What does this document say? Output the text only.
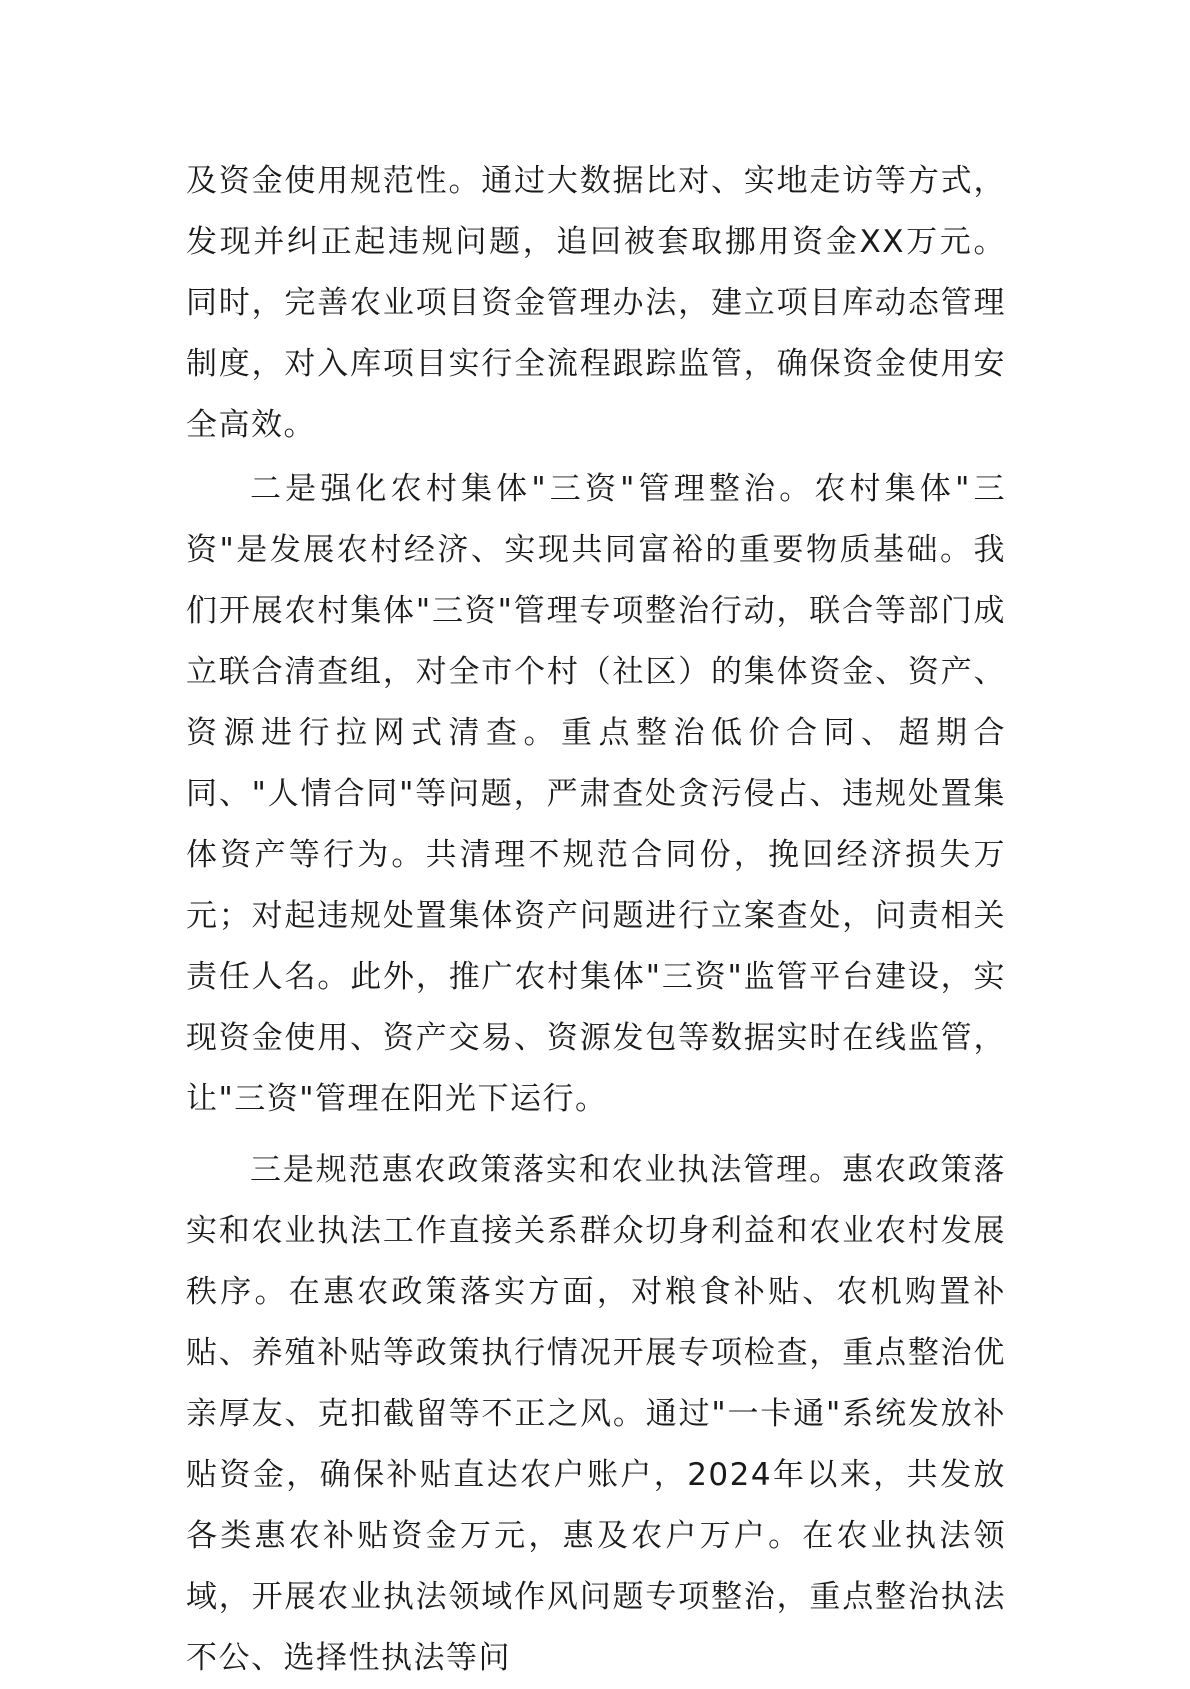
及资金使用规范性。通过大数据比对、实地走访等方式，发现并纠正起违规问题，追回被套取挪用资金XX万元。同时，完善农业项目资金管理办法，建立项目库动态管理制度，对入库项目实行全流程跟踪监管，确保资金使用安全高效。

二是强化农村集体"三资"管理整治。农村集体"三资"是发展农村经济、实现共同富裕的重要物质基础。我们开展农村集体"三资"管理专项整治行动，联合等部门成立联合清查组，对全市个村（社区）的集体资金、资产、资源进行拉网式清查。重点整治低价合同、超期合同、"人情合同"等问题，严肃查处贪污侵占、违规处置集体资产等行为。共清理不规范合同份，挽回经济损失万元；对起违规处置集体资产问题进行立案查处，问责相关责任人名。此外，推广农村集体"三资"监管平台建设，实现资金使用、资产交易、资源发包等数据实时在线监管，让"三资"管理在阳光下运行。

三是规范惠农政策落实和农业执法管理。惠农政策落实和农业执法工作直接关系群众切身利益和农业农村发展秩序。在惠农政策落实方面，对粮食补贴、农机购置补贴、养殖补贴等政策执行情况开展专项检查，重点整治优亲厚友、克扣截留等不正之风。通过"一卡通"系统发放补贴资金，确保补贴直达农户账户，2024年以来，共发放各类惠农补贴资金万元，惠及农户万户。在农业执法领域，开展农业执法领域作风问题专项整治，重点整治执法不公、选择性执法等问
